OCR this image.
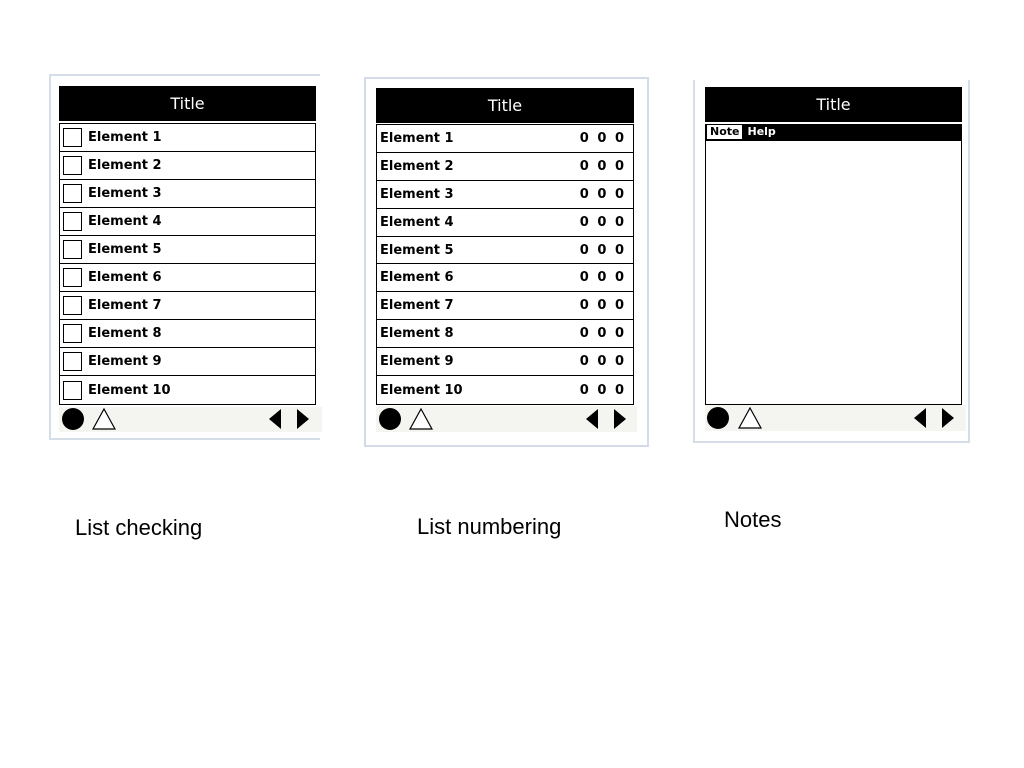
Title
Element 1
Element 2
Element 3
Element 4
Element 5
Element 6
Element 7
Element 8
Element 9
Element 10
Title
Element 1	0 0 0
Element 2	0 0 0
Element 3	0 0 0
Element 4	0 0 0
Element 5	0 0 0
Element 6	0 0 0
Element 7	0 0 0
Element 8	0 0 0
Element 9	0 0 0
Element 10	0 0 0
Title
Note Help
List checking	List numbering	Notes
